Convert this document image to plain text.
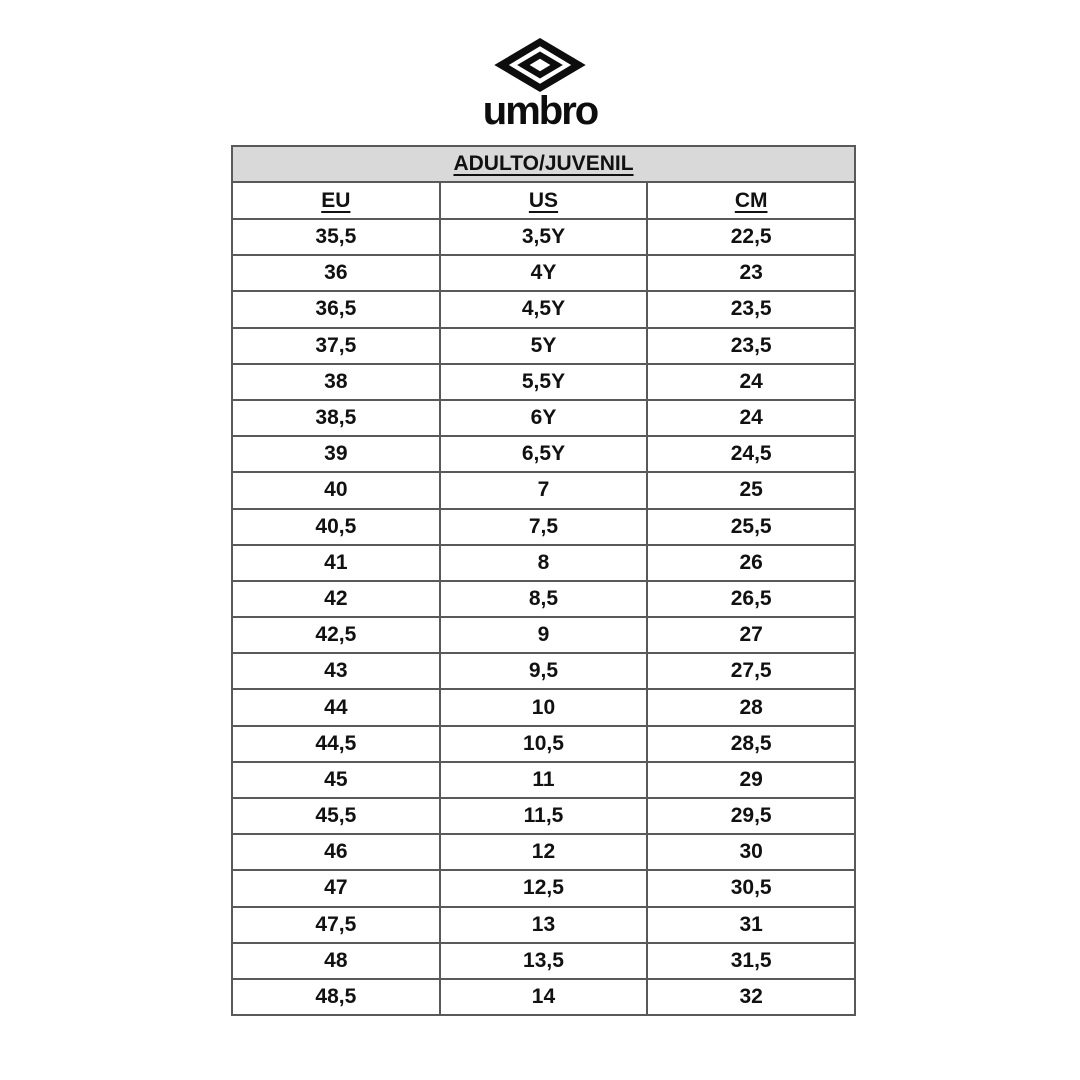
umbro
ADULTO/JUVENIL		
EU	US	CM
35,5	3,5Y	22,5
36	4Y	23
36,5	4,5Y	23,5
37,5	5Y	23,5
38	5,5Y	24
38,5	6Y	24
39	6,5Y	24,5
40	7	25
40,5	7,5	25,5
41	8	26
42	8,5	26,5
42,5	9	27
43	9,5	27,5
44	10	28
44,5	10,5	28,5
45	11	29
45,5	11,5	29,5
46	12	30
47	12,5	30,5
47,5	13	31
48	13,5	31,5
48,5	14	32
